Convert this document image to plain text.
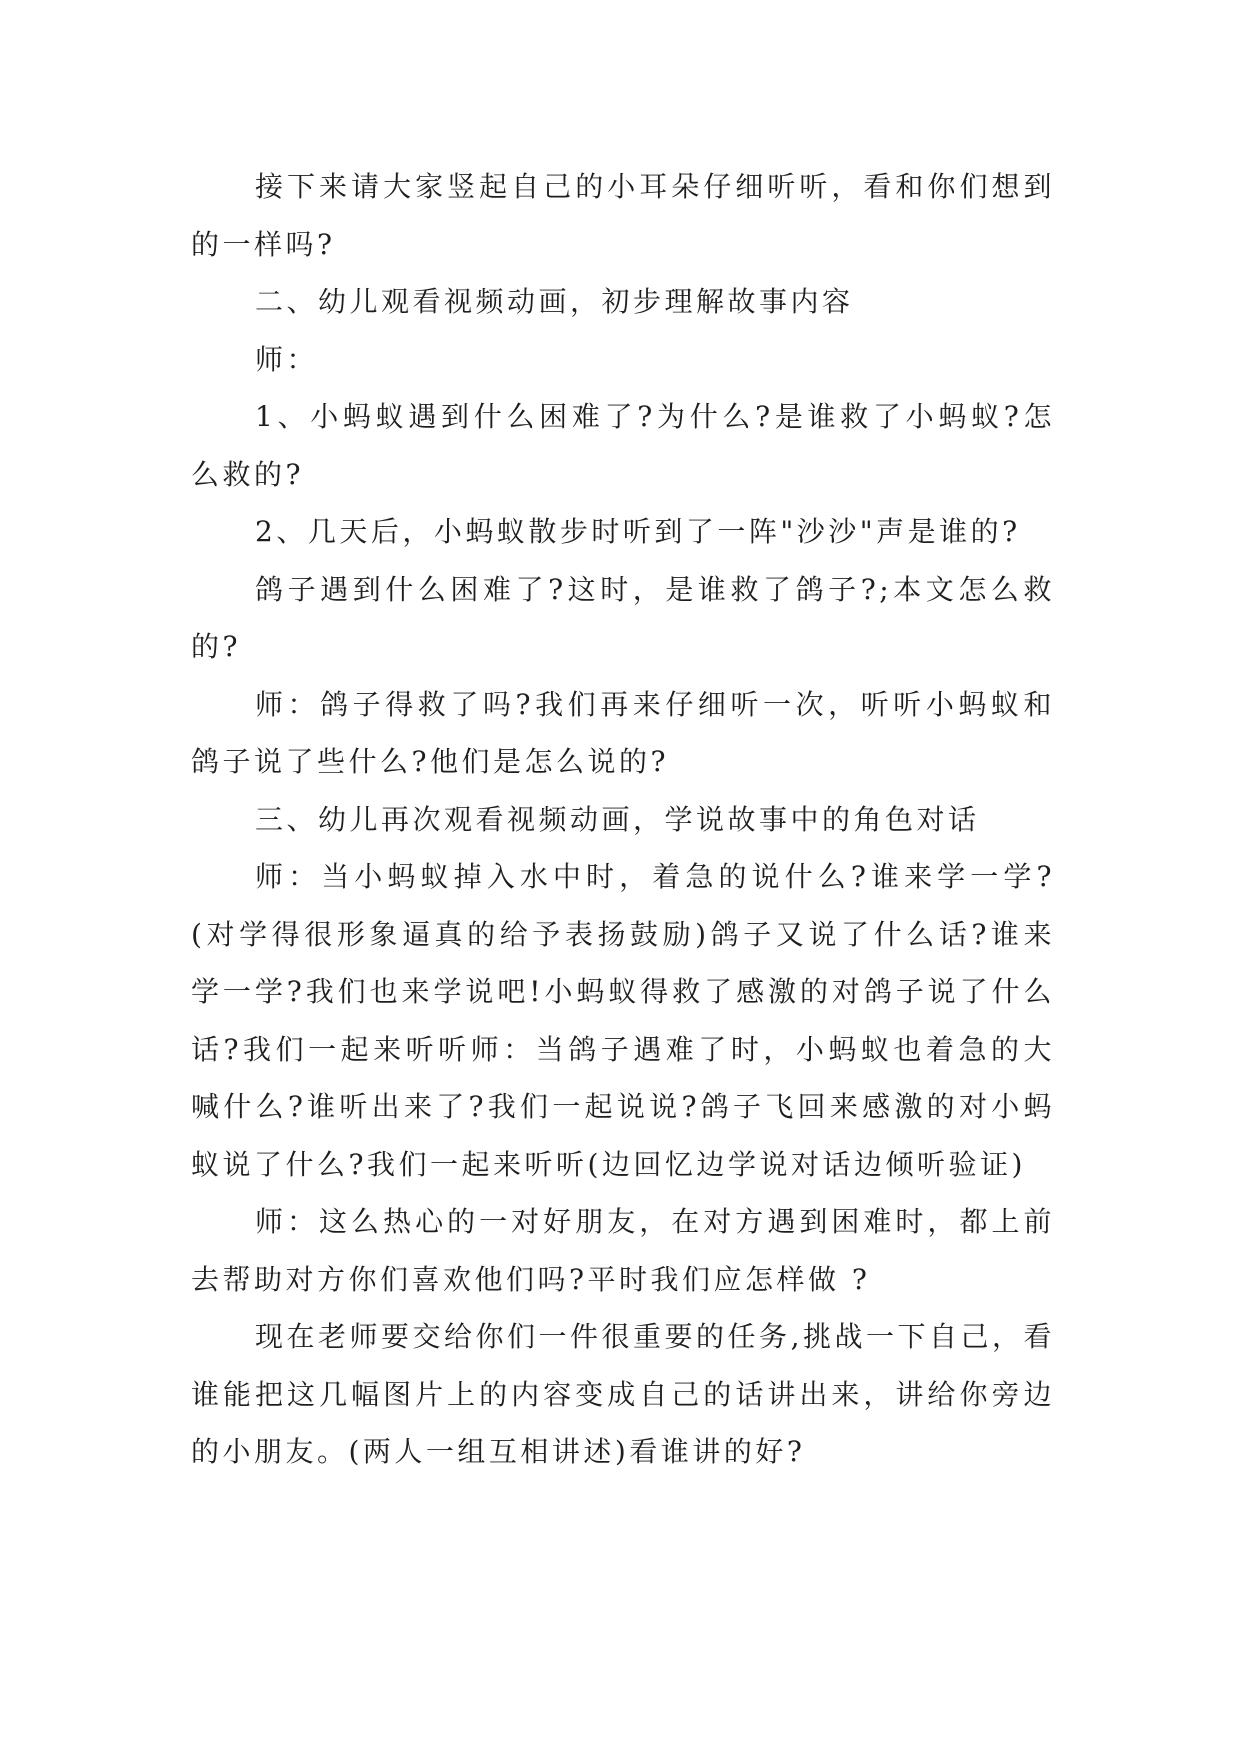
接下来请大家竖起自己的小耳朵仔细听听，看和你们想到的一样吗?

二、幼儿观看视频动画，初步理解故事内容

师：

1、小蚂蚁遇到什么困难了?为什么?是谁救了小蚂蚁?怎么救的?

2、几天后，小蚂蚁散步时听到了一阵"沙沙"声是谁的?

鸽子遇到什么困难了?这时，是谁救了鸽子?;本文怎么救的?

师：鸽子得救了吗?我们再来仔细听一次，听听小蚂蚁和鸽子说了些什么?他们是怎么说的?

三、幼儿再次观看视频动画，学说故事中的角色对话

师：当小蚂蚁掉入水中时，着急的说什么?谁来学一学?(对学得很形象逼真的给予表扬鼓励)鸽子又说了什么话?谁来学一学?我们也来学说吧!小蚂蚁得救了感激的对鸽子说了什么话?我们一起来听听师：当鸽子遇难了时，小蚂蚁也着急的大喊什么?谁听出来了?我们一起说说?鸽子飞回来感激的对小蚂蚁说了什么?我们一起来听听(边回忆边学说对话边倾听验证)

师：这么热心的一对好朋友，在对方遇到困难时，都上前去帮助对方你们喜欢他们吗?平时我们应怎样做 ?

现在老师要交给你们一件很重要的任务,挑战一下自己，看谁能把这几幅图片上的内容变成自己的话讲出来，讲给你旁边的小朋友。(两人一组互相讲述)看谁讲的好?
